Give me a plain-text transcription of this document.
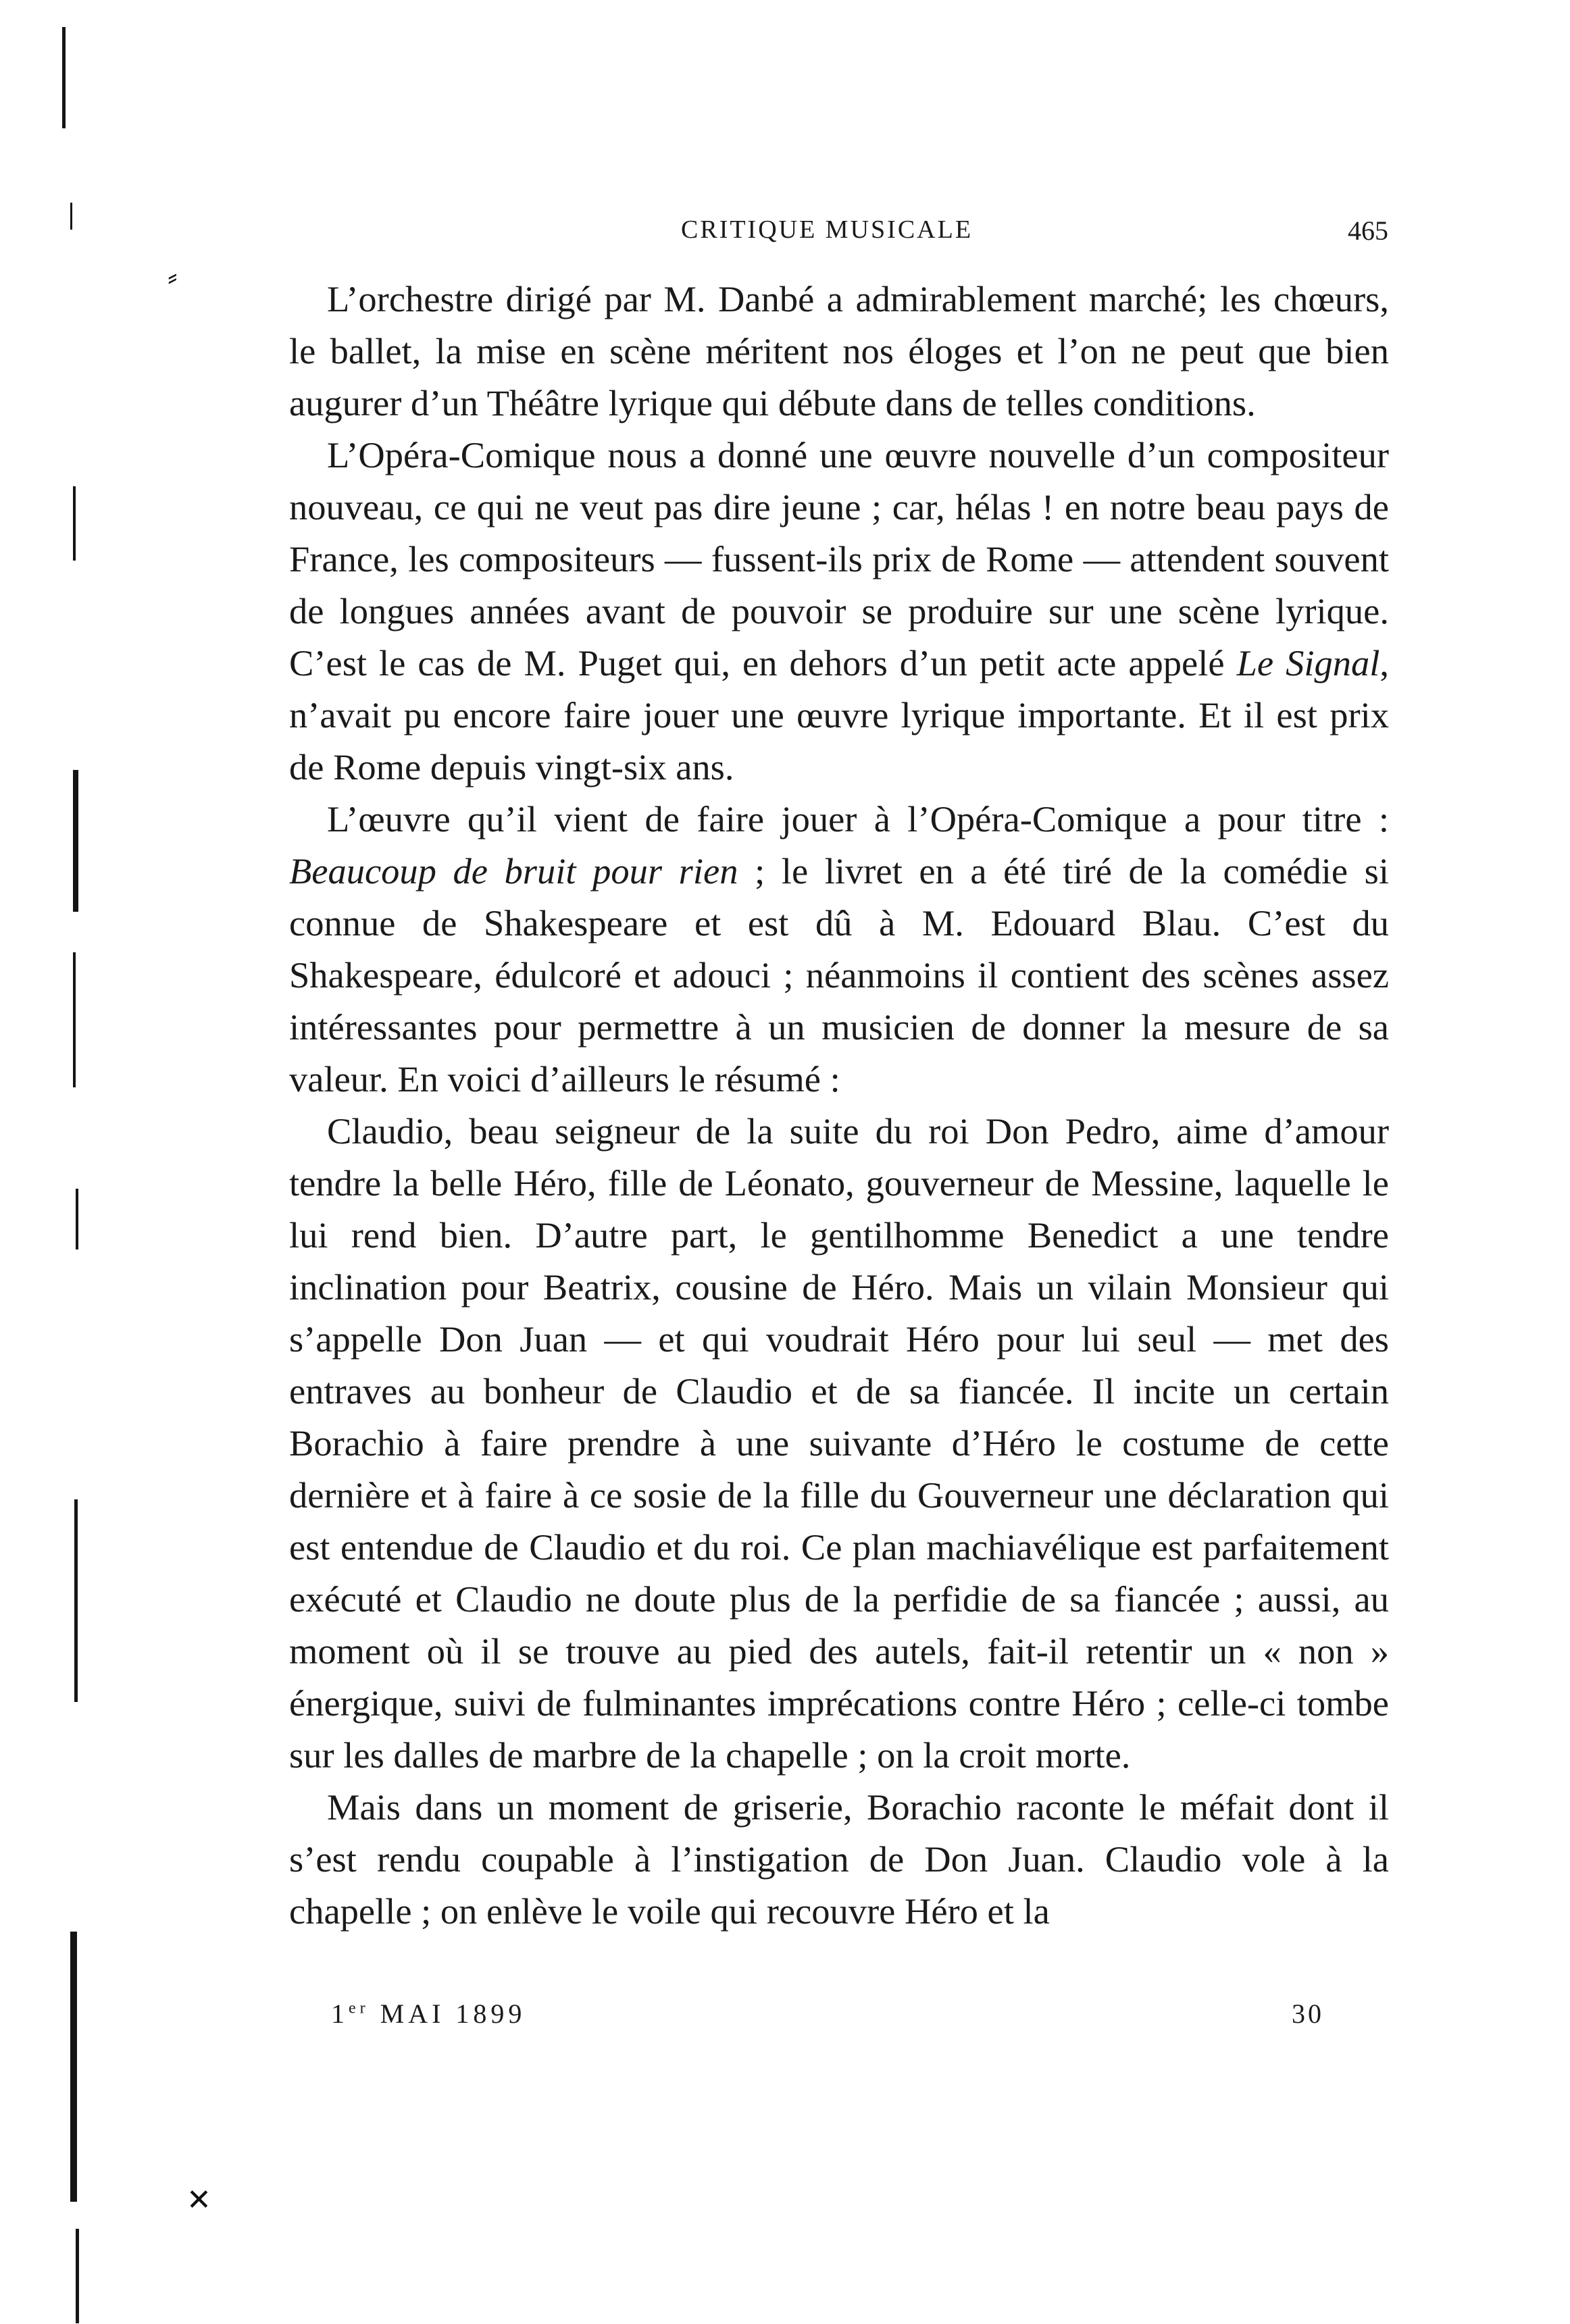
⸗
✕
CRITIQUE MUSICALE	465

L’orchestre dirigé par M. Danbé a admirablement marché; les chœurs, le ballet, la mise en scène méritent nos éloges et l’on ne peut que bien augurer d’un Théâtre lyrique qui débute dans de telles conditions.

L’Opéra-Comique nous a donné une œuvre nouvelle d’un compositeur nouveau, ce qui ne veut pas dire jeune ; car, hélas ! en notre beau pays de France, les compositeurs — fussent-ils prix de Rome — attendent souvent de longues années avant de pouvoir se produire sur une scène lyrique. C’est le cas de M. Puget qui, en dehors d’un petit acte appelé Le Signal, n’avait pu encore faire jouer une œuvre lyrique importante. Et il est prix de Rome depuis vingt-six ans.

L’œuvre qu’il vient de faire jouer à l’Opéra-Comique a pour titre : Beaucoup de bruit pour rien ; le livret en a été tiré de la comédie si connue de Shakespeare et est dû à M. Edouard Blau. C’est du Shakespeare, édulcoré et adouci ; néanmoins il contient des scènes assez intéressantes pour permettre à un musicien de donner la mesure de sa valeur. En voici d’ailleurs le résumé :

Claudio, beau seigneur de la suite du roi Don Pedro, aime d’amour tendre la belle Héro, fille de Léonato, gouverneur de Messine, laquelle le lui rend bien. D’autre part, le gentilhomme Benedict a une tendre inclination pour Beatrix, cousine de Héro. Mais un vilain Monsieur qui s’appelle Don Juan — et qui voudrait Héro pour lui seul — met des entraves au bonheur de Claudio et de sa fiancée. Il incite un certain Borachio à faire prendre à une suivante d’Héro le costume de cette dernière et à faire à ce sosie de la fille du Gouverneur une déclaration qui est entendue de Claudio et du roi. Ce plan machiavélique est parfaitement exécuté et Claudio ne doute plus de la perfidie de sa fiancée ; aussi, au moment où il se trouve au pied des autels, fait-il retentir un « non » énergique, suivi de fulminantes imprécations contre Héro ; celle-ci tombe sur les dalles de marbre de la chapelle ; on la croit morte.

Mais dans un moment de griserie, Borachio raconte le méfait dont il s’est rendu coupable à l’instigation de Don Juan. Claudio vole à la chapelle ; on enlève le voile qui recouvre Héro et la

1er MAI 1899	30
